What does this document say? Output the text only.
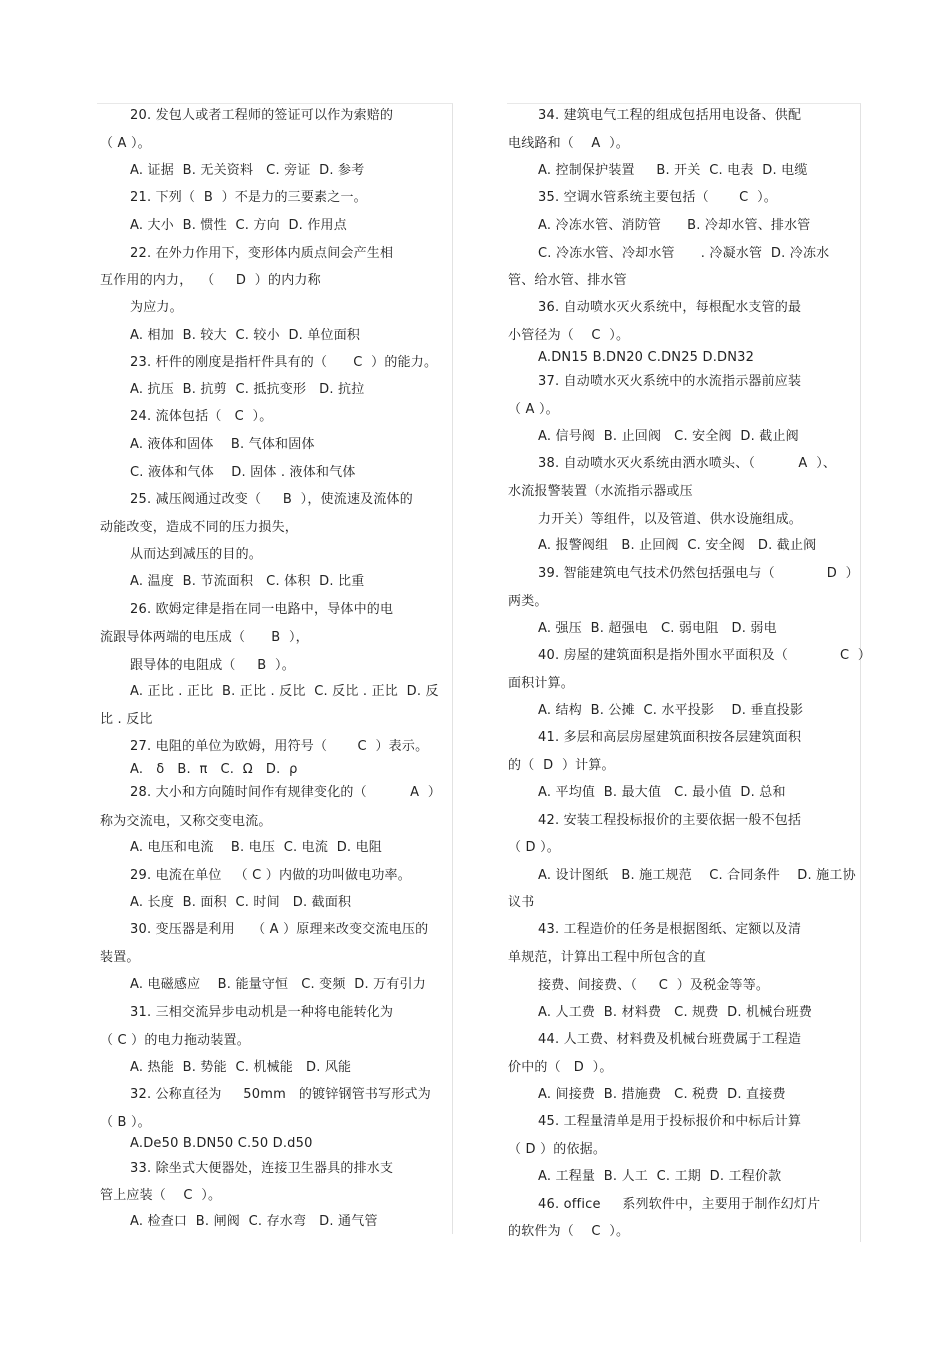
20. 发包人或者工程师的签证可以作为索赔的
（ A ）。
A. 证据  B. 无关资料   C. 旁证  D. 参考
21. 下列（  B  ）不是力的三要素之一。
A. 大小  B. 惯性  C. 方向  D. 作用点
22. 在外力作用下，变形体内质点间会产生相
互作用的内力，  （     D  ）的内力称
为应力。
A. 相加  B. 较大  C. 较小  D. 单位面积
23. 杆件的刚度是指杆件具有的（      C  ）的能力。
A. 抗压  B. 抗剪  C. 抵抗变形   D. 抗拉
24. 流体包括（   C  ）。
A. 液体和固体    B. 气体和固体
C. 液体和气体    D. 固体 . 液体和气体
25. 减压阀通过改变（     B  ），使流速及流体的
动能改变，造成不同的压力损失，
从而达到减压的目的。
A. 温度  B. 节流面积   C. 体积  D. 比重
26. 欧姆定律是指在同一电路中，导体中的电
流跟导体两端的电压成（      B  ），
跟导体的电阻成（     B  ）。
A. 正比 . 正比  B. 正比 . 反比  C. 反比 . 正比  D. 反
比 . 反比
27. 电阻的单位为欧姆，用符号（       C  ）表示。
A.   δ   B.  π   C.  Ω   D.  ρ
28. 大小和方向随时间作有规律变化的（          A  ）
称为交流电，又称交变电流。
A. 电压和电流    B. 电压  C. 电流  D. 电阻
29. 电流在单位   （ C ）内做的功叫做电功率。
A. 长度  B. 面积  C. 时间   D. 截面积
30. 变压器是利用    （ A ）原理来改变交流电压的
装置。
A. 电磁感应    B. 能量守恒   C. 变频  D. 万有引力
31. 三相交流异步电动机是一种将电能转化为
（ C ）的电力拖动装置。
A. 热能  B. 势能  C. 机械能   D. 风能
32. 公称直径为     50mm   的镀锌钢管书写形式为
（ B ）。
A.De50 B.DN50 C.50 D.d50
33. 除坐式大便器处，连接卫生器具的排水支
管上应装（    C  ）。
A. 检查口  B. 闸阀  C. 存水弯   D. 通气管
34. 建筑电气工程的组成包括用电设备、供配
电线路和（    A  ）。
A. 控制保护装置     B. 开关  C. 电表  D. 电缆
35. 空调水管系统主要包括（       C  ）。
A. 冷冻水管、消防管      B. 冷却水管、排水管
C. 冷冻水管、冷却水管      . 冷凝水管  D. 冷冻水
管、给水管、排水管
36. 自动喷水灭火系统中，每根配水支管的最
小管径为（    C  ）。
A.DN15 B.DN20 C.DN25 D.DN32
37. 自动喷水灭火系统中的水流指示器前应装
（ A ）。
A. 信号阀  B. 止回阀   C. 安全阀  D. 截止阀
38. 自动喷水灭火系统由洒水喷头、（          A  ）、
水流报警装置（水流指示器或压
力开关）等组件，以及管道、供水设施组成。
A. 报警阀组   B. 止回阀  C. 安全阀   D. 截止阀
39. 智能建筑电气技术仍然包括强电与（            D  ）
两类。
A. 强压  B. 超强电   C. 弱电阻   D. 弱电
40. 房屋的建筑面积是指外围水平面积及（            C  ）
面积计算。
A. 结构  B. 公摊  C. 水平投影    D. 垂直投影
41. 多层和高层房屋建筑面积按各层建筑面积
的（  D  ）计算。
A. 平均值  B. 最大值   C. 最小值  D. 总和
42. 安装工程投标报价的主要依据一般不包括
（ D ）。
A. 设计图纸   B. 施工规范    C. 合同条件    D. 施工协
议书
43. 工程造价的任务是根据图纸、定额以及清
单规范，计算出工程中所包含的直
接费、间接费、（     C  ）及税金等等。
A. 人工费  B. 材料费   C. 规费  D. 机械台班费
44. 人工费、材料费及机械台班费属于工程造
价中的（   D  ）。
A. 间接费  B. 措施费   C. 税费  D. 直接费
45. 工程量清单是用于投标报价和中标后计算
（ D ）的依据。
A. 工程量  B. 人工  C. 工期  D. 工程价款
46. office     系列软件中，主要用于制作幻灯片
的软件为（    C  ）。
